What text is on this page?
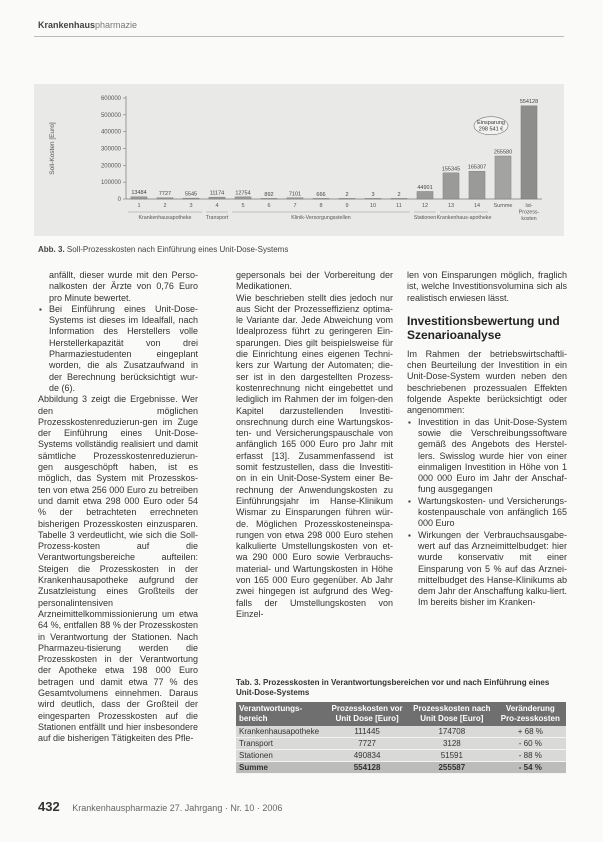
Krankenhauspharmazie
Soll-Kosten [Euro]
600000
500000
400000
300000
200000
100000
0
13484
1
7727
2
5545
3
11174
4
12754
5
892
6
7101
7
666
8
2
9
3
10
2
11
44901
12
155345
13
165307
14
255580
Summe
554128
Ist-
Prozess-
kosten
Einsparung
298 541 €
Krankenhausapotheke	Transport	Klinik-Versorgungsstellen	Stationen Krankenhaus-apotheke
Abb. 3. Soll-Prozesskosten nach Einführung eines Unit-Dose-Systems

anfällt, dieser wurde mit den Perso-nalkosten der Ärzte von 0,76 Euro pro Minute bewertet.

▪ Bei Einführung eines Unit-Dose-Systems ist dieses im Idealfall, nach Information des Herstellers volle Herstellerkapazität von drei Pharmaziestudenten eingeplant worden, die als Zusatzaufwand in der Berechnung berücksichtigt wur-de (6).

Abbildung 3 zeigt die Ergebnisse. Wer den möglichen Prozesskostenreduzierun-gen im Zuge der Einführung eines Unit-Dose-Systems vollständig realisiert und damit sämtliche Prozesskostenreduzierun-gen ausgeschöpft haben, ist es möglich, das System mit Prozesskos-ten von etwa 256 000 Euro zu betreiben und damit etwa 298 000 Euro oder 54 % der betrachteten errechneten bisherigen Prozesskosten einzusparen. Tabelle 3 verdeutlicht, wie sich die Soll-Prozess-kosten auf die Verantwortungsbereiche aufteilen: Steigen die Prozesskosten in der Krankenhausapotheke aufgrund der Zusatzleistung eines Großteils der personalintensiven Arzneimittelkommissionierung um etwa 64 %, entfallen 88 % der Prozesskosten in Verantwortung der Stationen. Nach Pharmazeu-tisierung werden die Prozesskosten in der Verantwortung der Apotheke etwa 198 000 Euro betragen und damit etwa 77 % des Gesamtvolumens einnehmen. Daraus wird deutlich, dass der Großteil der eingesparten Prozesskosten auf die Stationen entfällt und hier insbesondere auf die bisherigen Tätigkeiten des Pfle-

gepersonals bei der Vorbereitung der Medikationen.

Wie beschrieben stellt dies jedoch nur aus Sicht der Prozesseffizienz optima-le Variante dar. Jede Abweichung vom Idealprozess führt zu geringeren Ein-sparungen. Dies gilt beispielsweise für die Einrichtung eines eigenen Techni-kers zur Wartung der Automaten; die-ser ist in den dargestellten Prozess-kostenrechnung nicht eingebettet und lediglich im Rahmen der im folgen-den Kapitel darzustellenden Investiti-onsrechnung durch eine Wartungskos-ten- und Versicherungspauschale von anfänglich 165 000 Euro pro Jahr mit erfasst [13]. Zusammenfassend ist somit festzustellen, dass die Investiti-on in ein Unit-Dose-System einer Be-rechnung der Anwendungskosten zu Einführungsjahr im Hanse-Klinikum Wismar zu Einsparungen führen wür-de. Möglichen Prozesskosteneinspa-rungen von etwa 298 000 Euro stehen kalkulierte Umstellungskosten von et-wa 290 000 Euro sowie Verbrauchs-material- und Wartungskosten in Höhe von 165 000 Euro gegenüber. Ab Jahr zwei hingegen ist aufgrund des Weg-falls der Umstellungskosten von Einzel-

len von Einsparungen möglich, fraglich ist, welche Investitionsvolumina sich als realistisch erwiesen lässt.

Investitionsbewertung und
Szenarioanalyse

Im Rahmen der betriebswirtschaftli-chen Beurteilung der Investition in ein Unit-Dose-System wurden neben den beschriebenen prozessualen Effekten folgende Aspekte berücksichtigt oder angenommen:

▪ Investition in das Unit-Dose-System sowie die Verschreibungssoftware gemäß des Angebots des Herstel-lers. Swisslog wurde hier von einer einmaligen Investition in Höhe von 1 000 000 Euro im Jahr der Anschaf-fung ausgegangen

▪ Wartungskosten- und Versicherungs-kostenpauschale von anfänglich 165 000 Euro

▪ Wirkungen der Verbrauchsausgabe-wert auf das Arzneimittelbudget: hier wurde konservativ mit einer Einsparung von 5 % auf das Arznei-mittelbudget des Hanse-Klinikums ab dem Jahr der Anschaffung kalku-liert. Im bereits bisher im Kranken-

Tab. 3. Prozesskosten in Verantwortungsbereichen vor und nach Einführung eines Unit-Dose-Systems
Verantwortungs-bereich	Prozesskosten vor Unit Dose [Euro]	Prozesskosten nach Unit Dose [Euro]	Veränderung Pro-zesskosten
Krankenhausapotheke	111445	174708	+ 68 %
Transport	7727	3128	- 60 %
Stationen	490834	51591	- 88 %
Summe	554128	255587	- 54 %
432 Krankenhauspharmazie 27. Jahrgang · Nr. 10 · 2006
